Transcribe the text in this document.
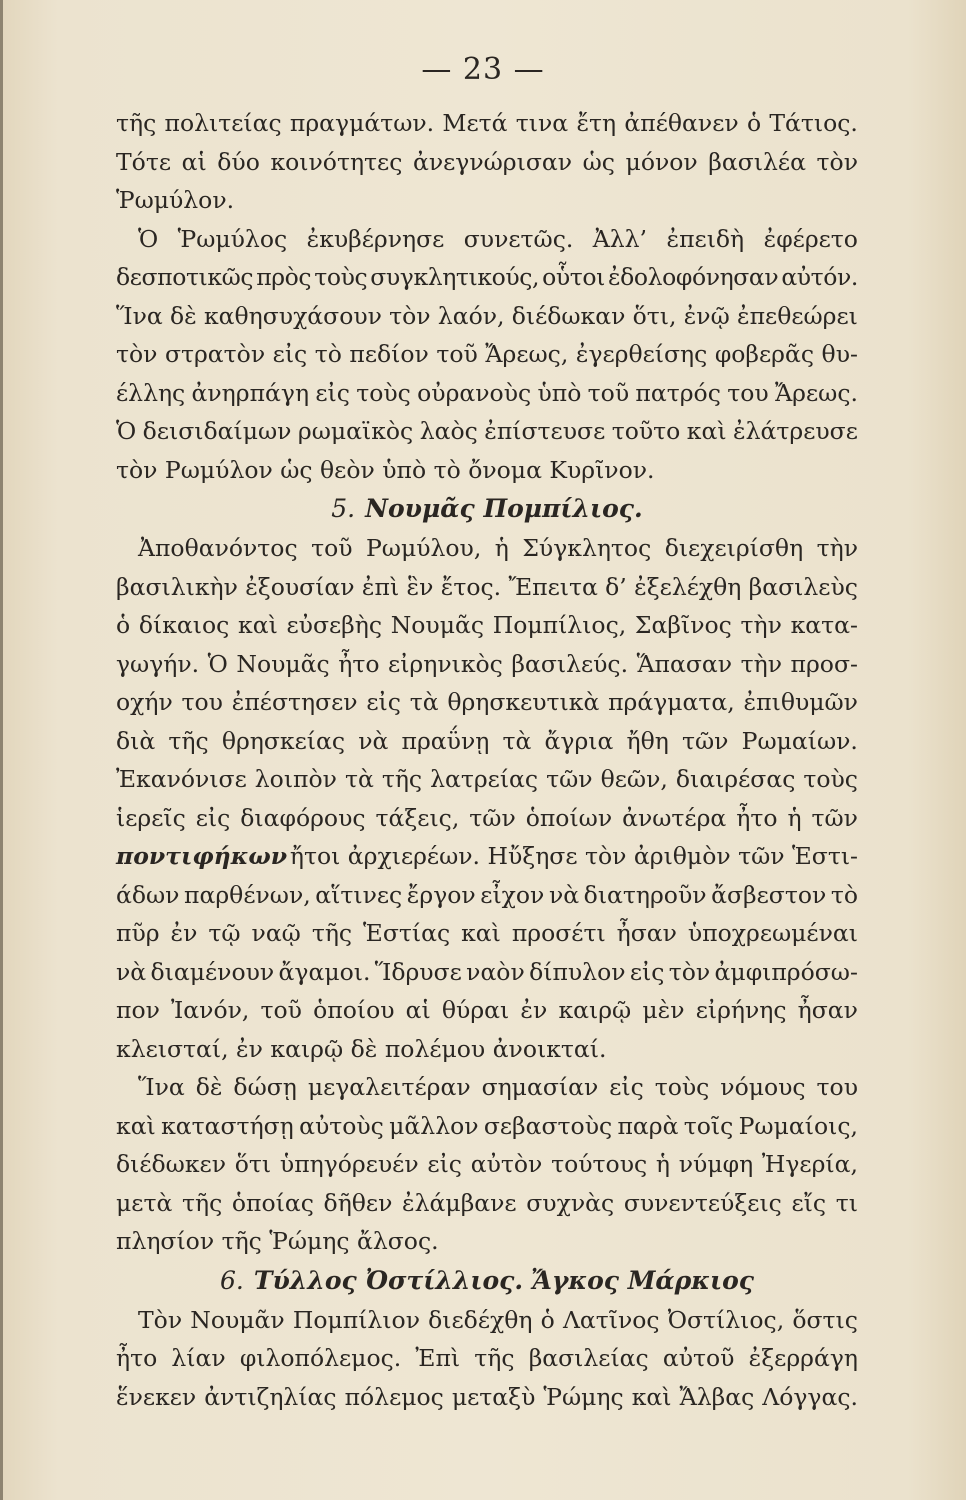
— 23 —
τῆς πολιτείας πραγμάτων. Μετά τινα ἔτη ἀπέθανεν ὁ Τάτιος.
Τότε αἱ δύο κοινότητες ἀνεγνώρισαν ὡς μόνον βασιλέα τὸν
Ῥωμύλον.
Ὁ Ῥωμύλος ἐκυβέρνησε συνετῶς. Ἀλλ’ ἐπειδὴ ἐφέρετο
δεσποτικῶς πρὸς τοὺς συγκλητικούς, οὗτοι ἐδολοφόνησαν αὐτόν.
Ἵνα δὲ καθησυχάσουν τὸν λαόν, διέδωκαν ὅτι, ἐνῷ ἐπεθεώρει
τὸν στρατὸν εἰς τὸ πεδίον τοῦ Ἄρεως, ἐγερθείσης φοβερᾶς θυ-
έλλης ἀνηρπάγη εἰς τοὺς οὐρανοὺς ὑπὸ τοῦ πατρός του Ἄρεως.
Ὁ δεισιδαίμων ρωμαϊκὸς λαὸς ἐπίστευσε τοῦτο καὶ ἐλάτρευσε
τὸν Ρωμύλον ὡς θεὸν ὑπὸ τὸ ὄνομα Κυρῖνον.
5. Νουμᾶς Πομπίλιος.
Ἀποθανόντος τοῦ Ρωμύλου, ἡ Σύγκλητος διεχειρίσθη τὴν
βασιλικὴν ἐξουσίαν ἐπὶ ἓν ἔτος. Ἔπειτα δ’ ἐξελέχθη βασιλεὺς
ὁ δίκαιος καὶ εὐσεβὴς Νουμᾶς Πομπίλιος, Σαβῖνος τὴν κατα-
γωγήν. Ὁ Νουμᾶς ἦτο εἰρηνικὸς βασιλεύς. Ἅπασαν τὴν προσ-
οχήν του ἐπέστησεν εἰς τὰ θρησκευτικὰ πράγματα, ἐπιθυμῶν
διὰ τῆς θρησκείας νὰ πραΰνῃ τὰ ἄγρια ἤθη τῶν Ρωμαίων.
Ἐκανόνισε λοιπὸν τὰ τῆς λατρείας τῶν θεῶν, διαιρέσας τοὺς
ἱερεῖς εἰς διαφόρους τάξεις, τῶν ὁποίων ἀνωτέρα ἦτο ἡ τῶν
ποντιφήκων ἤτοι ἀρχιερέων. Ηὔξησε τὸν ἀριθμὸν τῶν Ἑστι-
άδων παρθένων, αἵτινες ἔργον εἶχον νὰ διατηροῦν ἄσβεστον τὸ
πῦρ ἐν τῷ ναῷ τῆς Ἑστίας καὶ προσέτι ἦσαν ὑποχρεωμέναι
νὰ διαμένουν ἄγαμοι. Ἵδρυσε ναὸν δίπυλον εἰς τὸν ἀμφιπρόσω-
πον Ἰανόν, τοῦ ὁποίου αἱ θύραι ἐν καιρῷ μὲν εἰρήνης ἦσαν
κλεισταί, ἐν καιρῷ δὲ πολέμου ἀνοικταί.
Ἵνα δὲ δώσῃ μεγαλειτέραν σημασίαν εἰς τοὺς νόμους του
καὶ καταστήσῃ αὐτοὺς μᾶλλον σεβαστοὺς παρὰ τοῖς Ρωμαίοις,
διέδωκεν ὅτι ὑπηγόρευέν εἰς αὐτὸν τούτους ἡ νύμφη Ἠγερία,
μετὰ τῆς ὁποίας δῆθεν ἐλάμβανε συχνὰς συνεντεύξεις εἴς τι
πλησίον τῆς Ῥώμης ἄλσος.
6. Τύλλος Ὀστίλλιος. Ἄγκος Μάρκιος
Τὸν Νουμᾶν Πομπίλιον διεδέχθη ὁ Λατῖνος Ὀστίλιος, ὅστις
ἦτο λίαν φιλοπόλεμος. Ἐπὶ τῆς βασιλείας αὐτοῦ ἐξερράγη
ἕνεκεν ἀντιζηλίας πόλεμος μεταξὺ Ῥώμης καὶ Ἄλβας Λόγγας.
